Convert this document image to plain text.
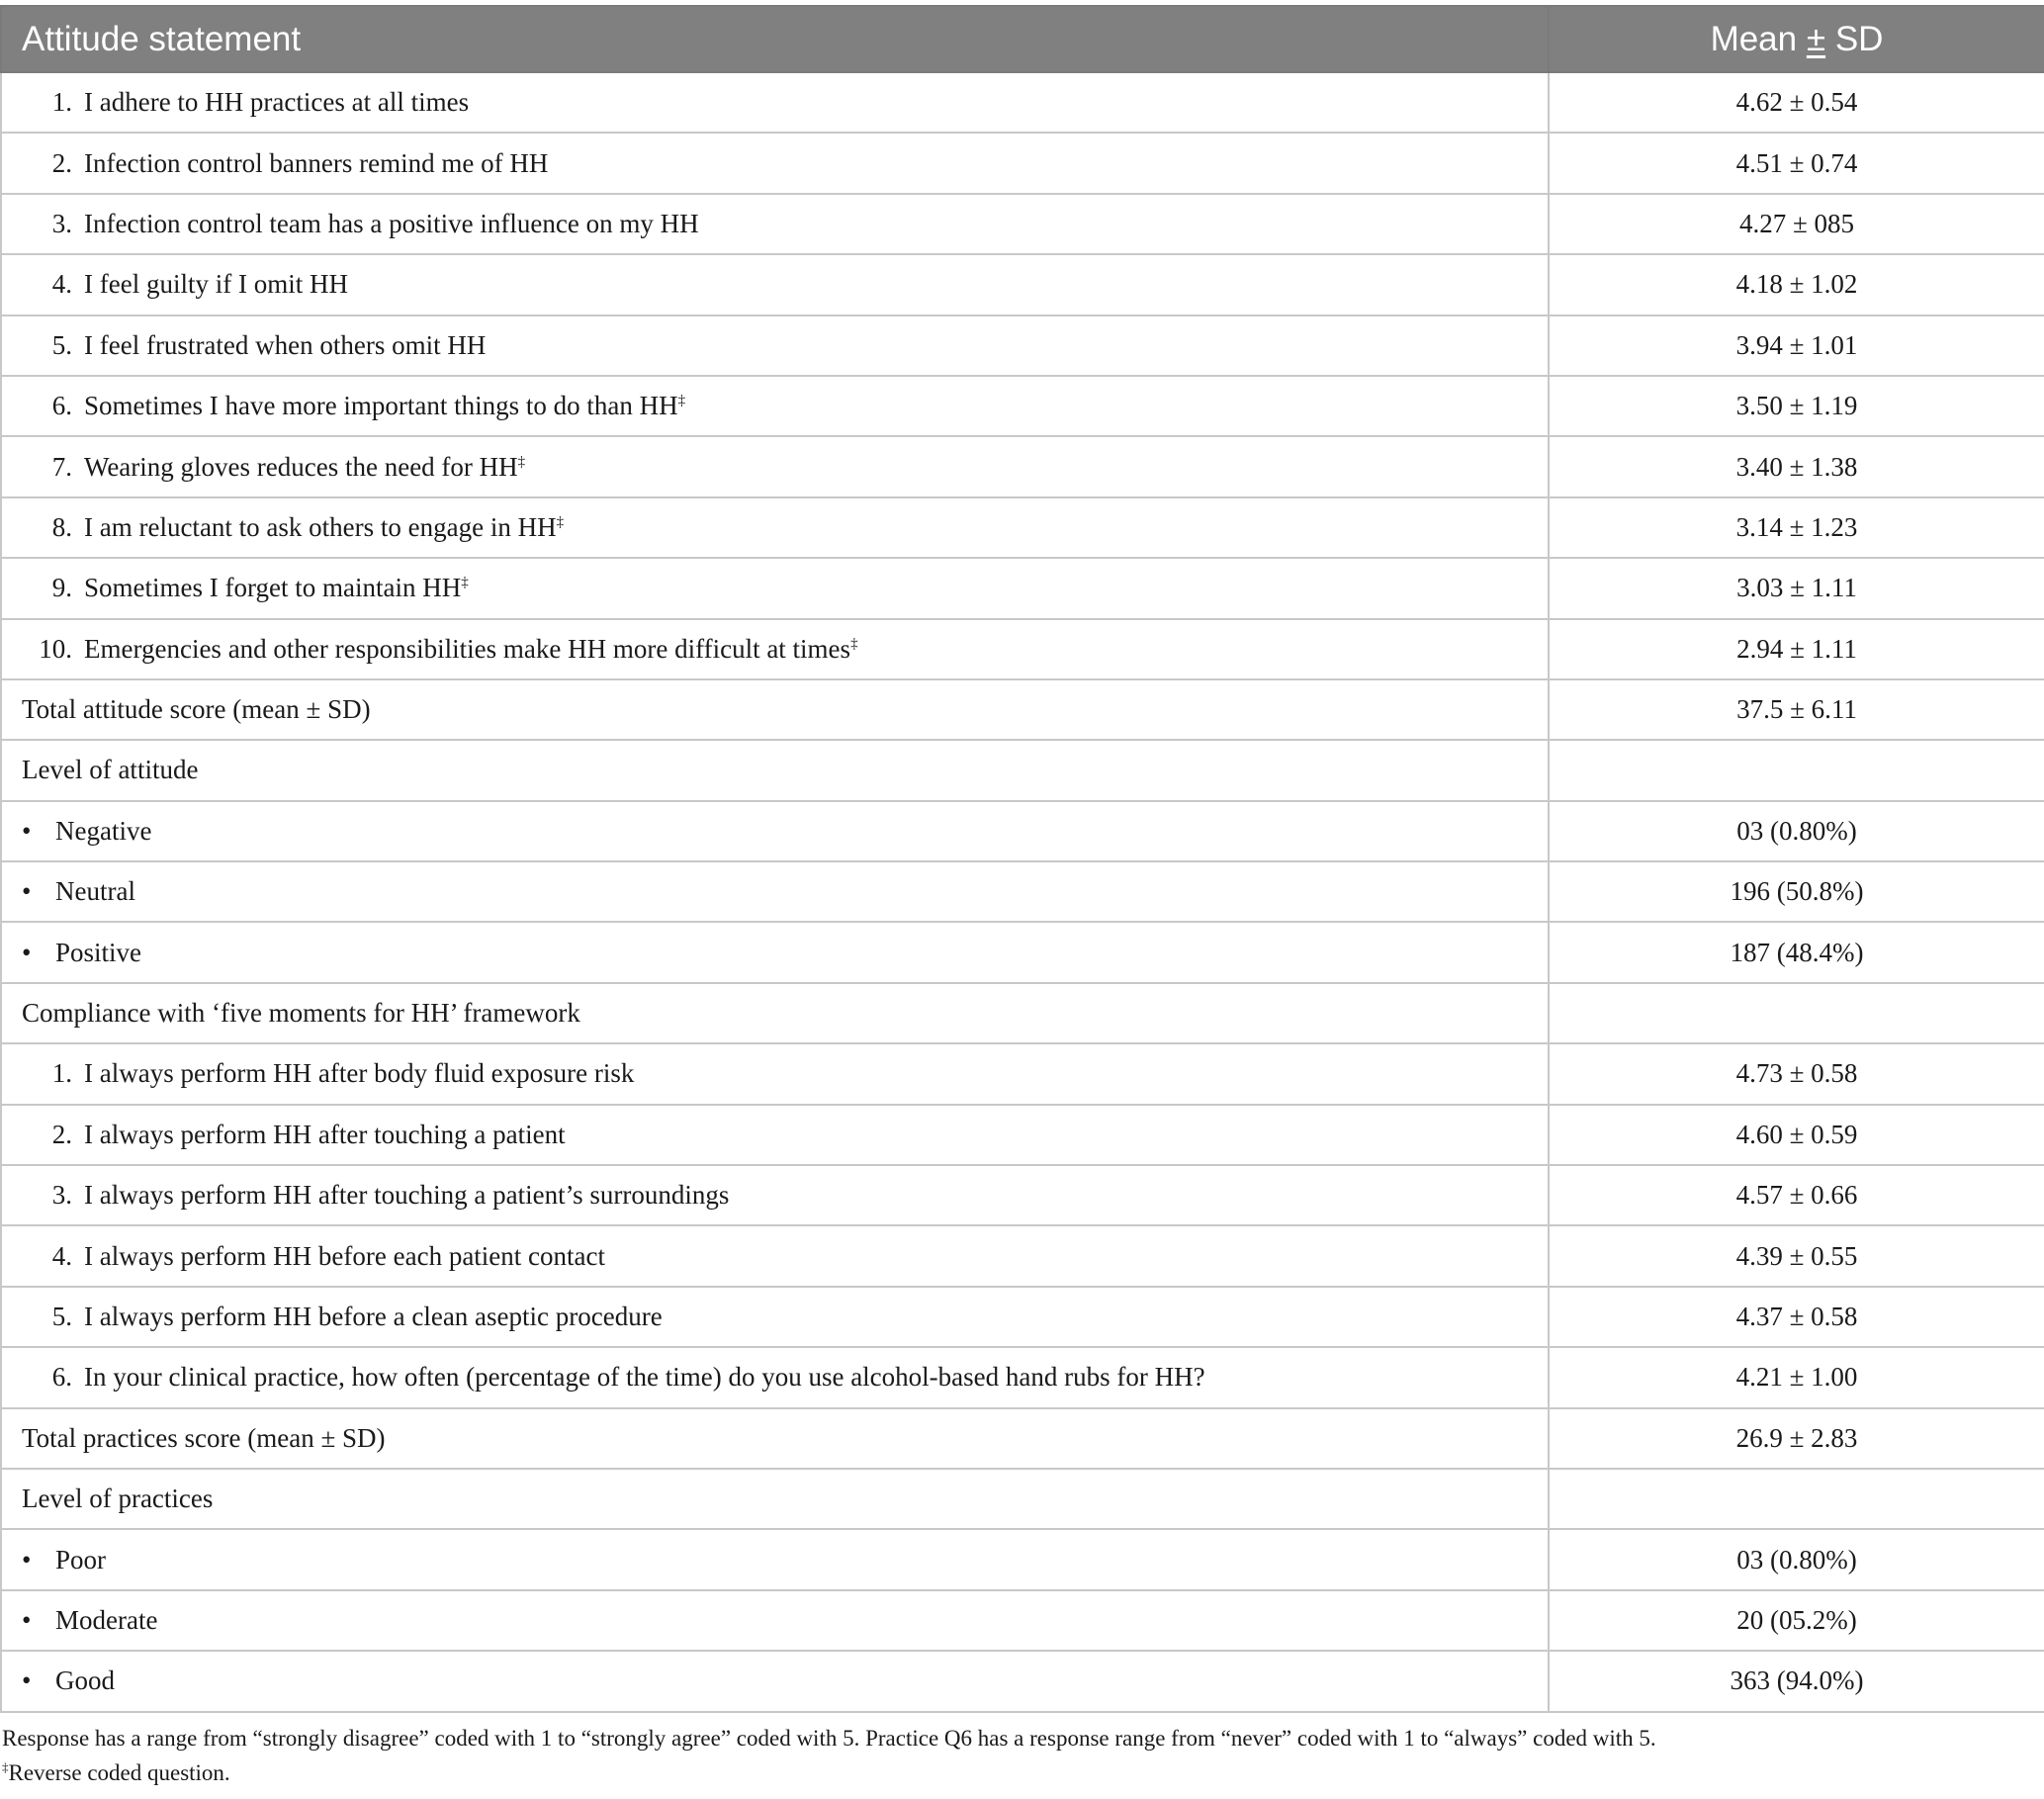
Attitude statement	Mean ± SD
1. I adhere to HH practices at all times	4.62 ± 0.54
2. Infection control banners remind me of HH	4.51 ± 0.74
3. Infection control team has a positive influence on my HH	4.27 ± 085
4. I feel guilty if I omit HH	4.18 ± 1.02
5. I feel frustrated when others omit HH	3.94 ± 1.01
6. Sometimes I have more important things to do than HH‡	3.50 ± 1.19
7. Wearing gloves reduces the need for HH‡	3.40 ± 1.38
8. I am reluctant to ask others to engage in HH‡	3.14 ± 1.23
9. Sometimes I forget to maintain HH‡	3.03 ± 1.11
10. Emergencies and other responsibilities make HH more difficult at times‡	2.94 ± 1.11
Total attitude score (mean ± SD)	37.5 ± 6.11
Level of attitude	
• Negative	03 (0.80%)
• Neutral	196 (50.8%)
• Positive	187 (48.4%)
Compliance with ‘five moments for HH’ framework	
1. I always perform HH after body fluid exposure risk	4.73 ± 0.58
2. I always perform HH after touching a patient	4.60 ± 0.59
3. I always perform HH after touching a patient’s surroundings	4.57 ± 0.66
4. I always perform HH before each patient contact	4.39 ± 0.55
5. I always perform HH before a clean aseptic procedure	4.37 ± 0.58
6. In your clinical practice, how often (percentage of the time) do you use alcohol-based hand rubs for HH?	4.21 ± 1.00
Total practices score (mean ± SD)	26.9 ± 2.83
Level of practices	
• Poor	03 (0.80%)
• Moderate	20 (05.2%)
• Good	363 (94.0%)
Response has a range from “strongly disagree” coded with 1 to “strongly agree” coded with 5. Practice Q6 has a response range from “never” coded with 1 to “always” coded with 5.
‡Reverse coded question.
